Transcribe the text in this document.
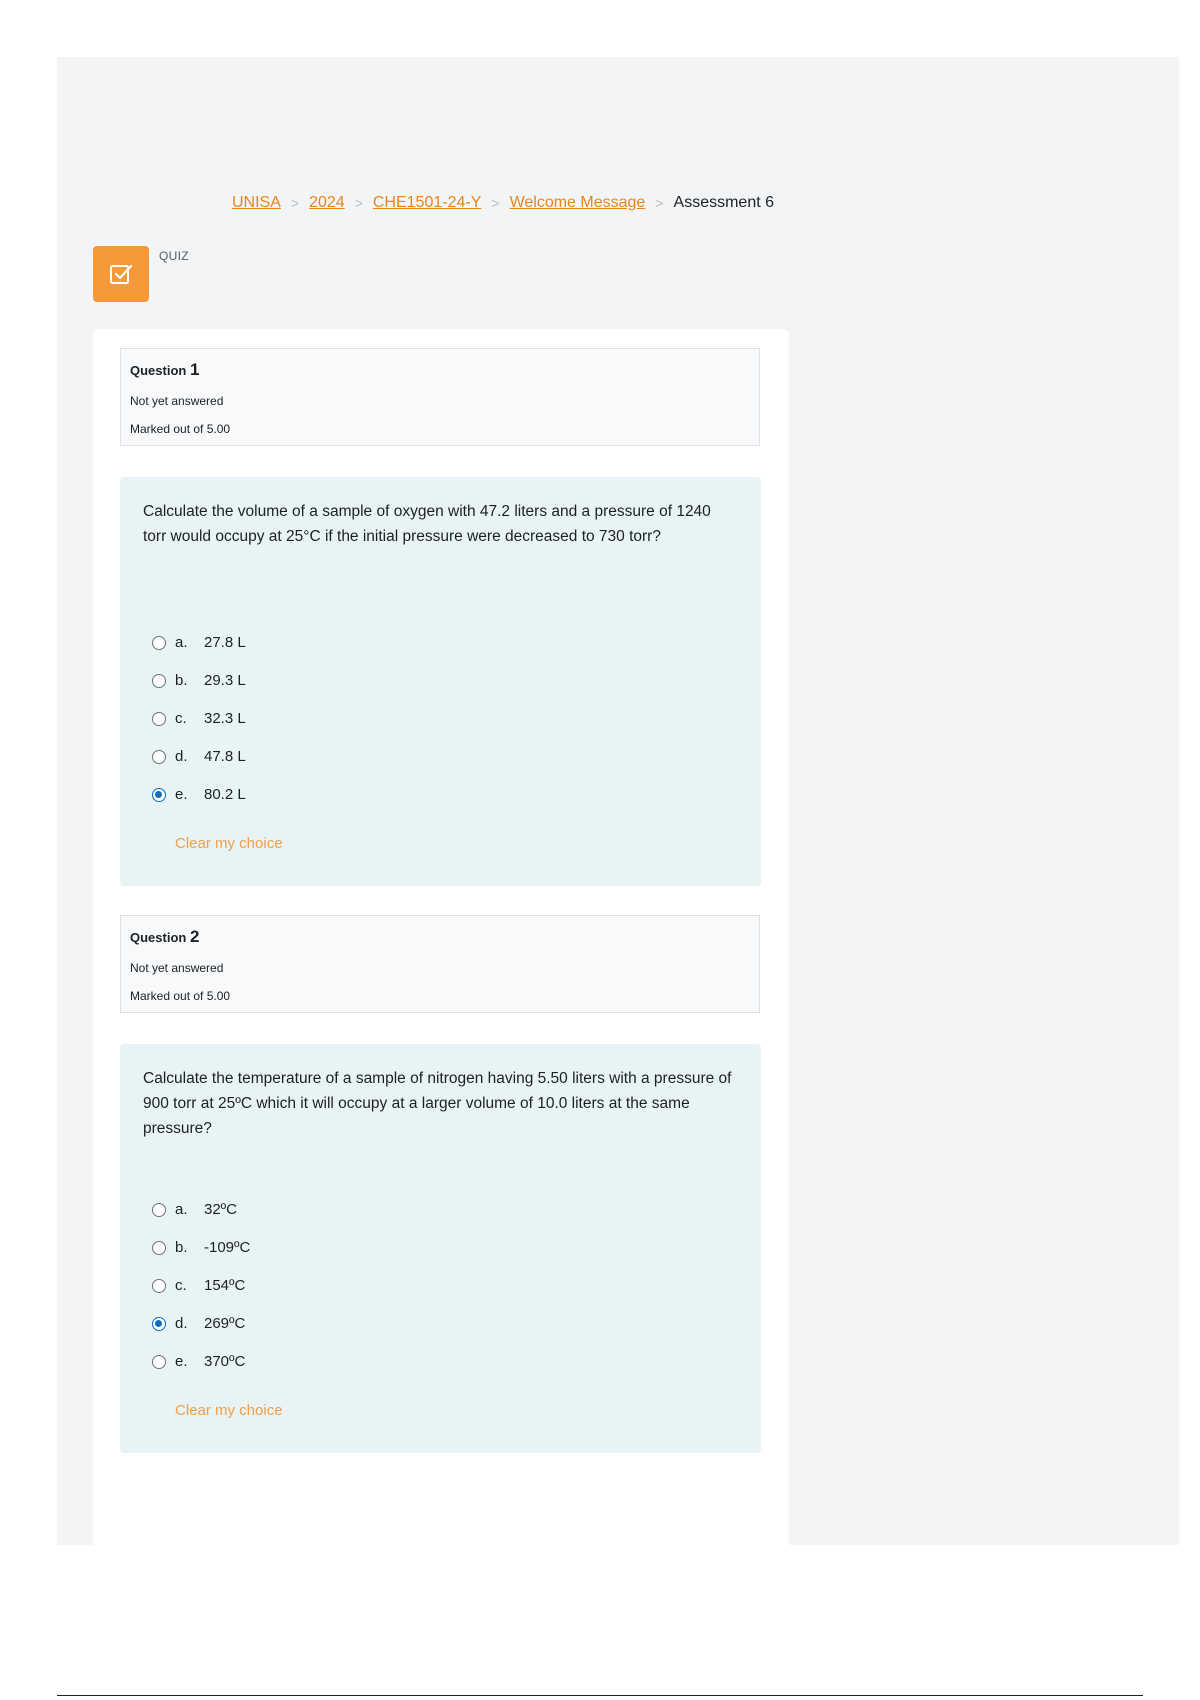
UNISA > 2024 > CHE1501-24-Y > Welcome Message > Assessment 6
QUIZ
Question 1
Not yet answered
Marked out of 5.00
Calculate the volume of a sample of oxygen with 47.2 liters and a pressure of 1240 torr would occupy at 25°C if the initial pressure were decreased to 730 torr?
a.	27.8 L
b.	29.3 L
c.	32.3 L
d.	47.8 L
e.	80.2 L
Clear my choice
Question 2
Not yet answered
Marked out of 5.00
Calculate the temperature of a sample of nitrogen having 5.50 liters with a pressure of 900 torr at 25ºC which it will occupy at a larger volume of 10.0 liters at the same pressure?
a.	32ºC
b.	-109ºC
c.	154ºC
d.	269ºC
e.	370ºC
Clear my choice
